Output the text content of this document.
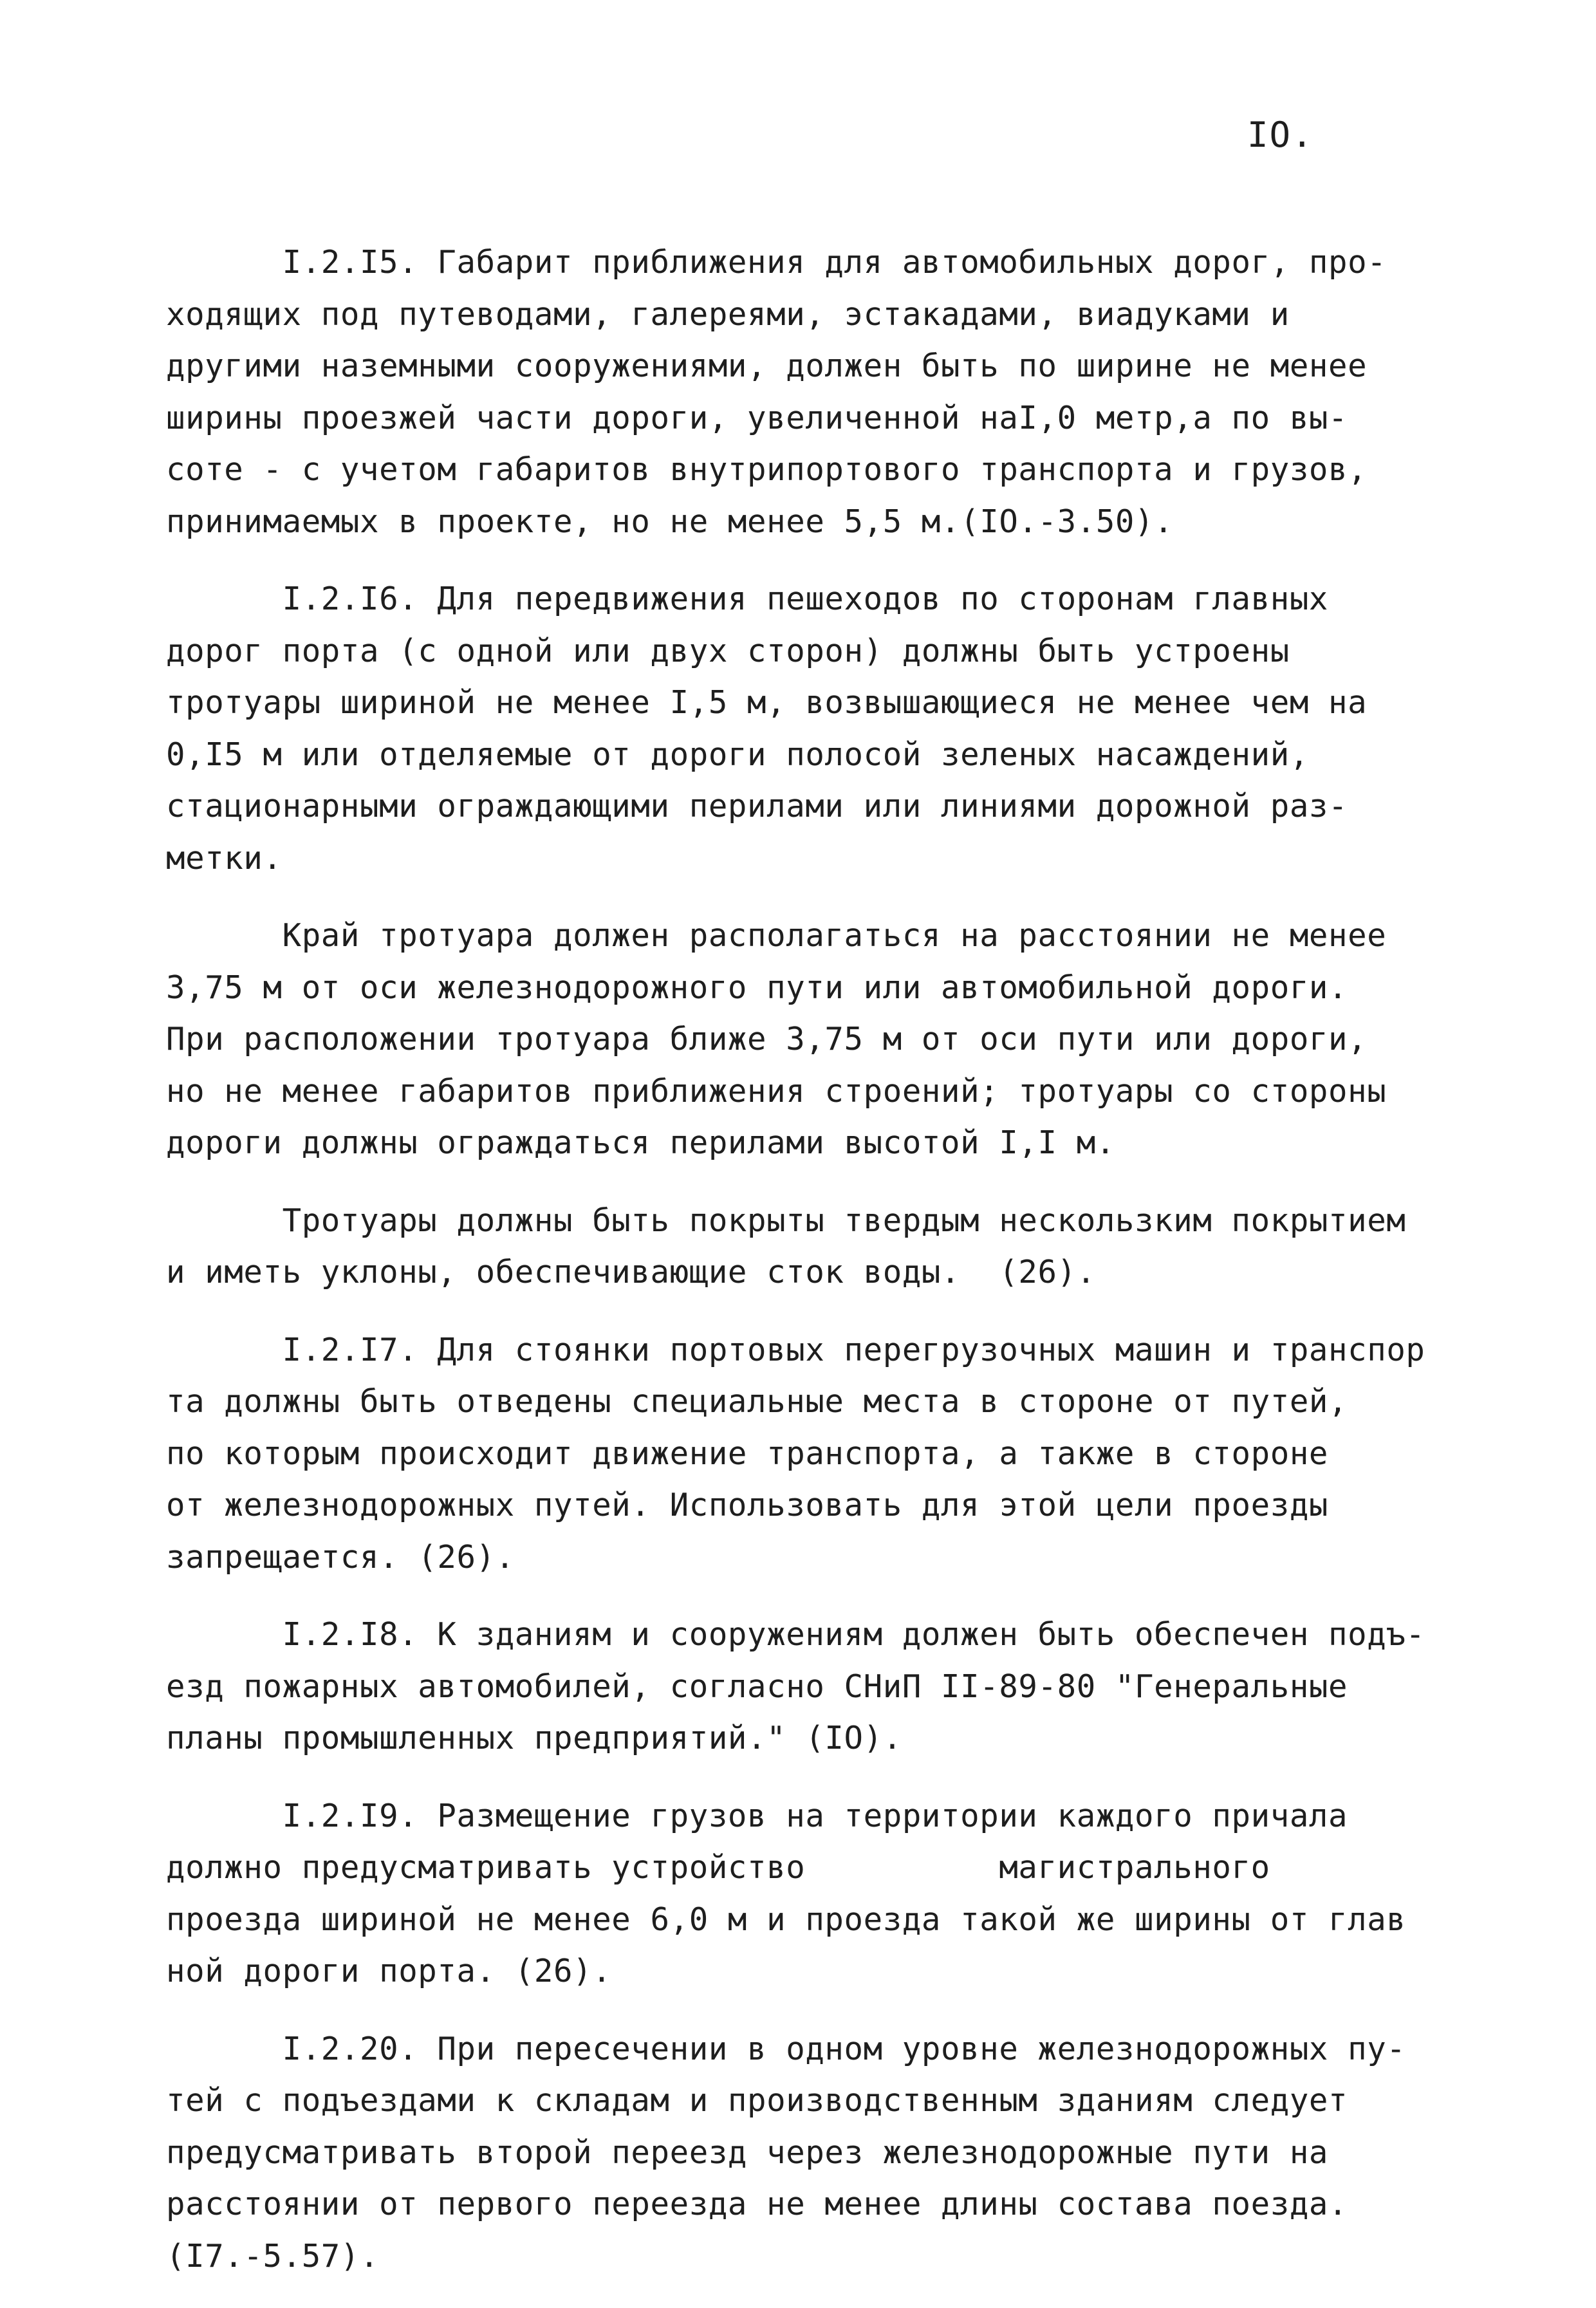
IO.
I.2.I5. Габарит приближения для автомобильных дорог, про-
ходящих под путеводами, галереями, эстакадами, виадуками и
другими наземными сооружениями, должен быть по ширине не менее
ширины проезжей части дороги, увеличенной наI,0 метр,а по вы-
соте - с учетом габаритов внутрипортового транспорта и грузов,
принимаемых в проекте, но не менее 5,5 м.(IO.-3.50).
I.2.I6. Для передвижения пешеходов по сторонам главных
дорог порта (с одной или двух сторон) должны быть устроены
тротуары шириной не менее I,5 м, возвышающиеся не менее чем на
0,I5 м или отделяемые от дороги полосой зеленых насаждений,
стационарными ограждающими перилами или линиями дорожной раз-
метки.
Край тротуара должен располагаться на расстоянии не менее
3,75 м от оси железнодорожного пути или автомобильной дороги.
При расположении тротуара ближе 3,75 м от оси пути или дороги,
но не менее габаритов приближения строений; тротуары со стороны
дороги должны ограждаться перилами высотой I,I м.
Тротуары должны быть покрыты твердым нескользким покрытием
и иметь уклоны, обеспечивающие сток воды.  (26).
I.2.I7. Для стоянки портовых перегрузочных машин и транспор
та должны быть отведены специальные места в стороне от путей,
по которым происходит движение транспорта, а также в стороне
от железнодорожных путей. Использовать для этой цели проезды
запрещается. (26).
I.2.I8. К зданиям и сооружениям должен быть обеспечен подъ-
езд пожарных автомобилей, согласно СНиП II-89-80 "Генеральные
планы промышленных предприятий." (IO).
I.2.I9. Размещение грузов на территории каждого причала
должно предусматривать устройство          магистрального
проезда шириной не менее 6,0 м и проезда такой же ширины от глав
ной дороги порта. (26).
I.2.20. При пересечении в одном уровне железнодорожных пу-
тей с подъездами к складам и производственным зданиям следует
предусматривать второй переезд через железнодорожные пути на
расстоянии от первого переезда не менее длины состава поезда.
(I7.-5.57).
